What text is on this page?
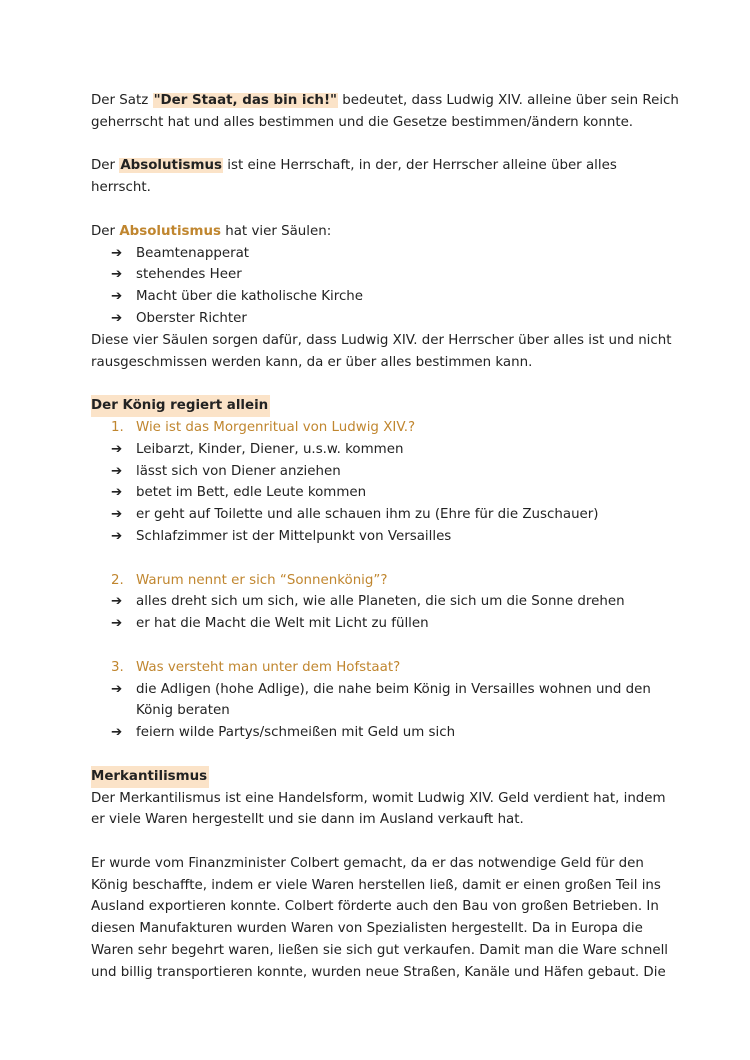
Der Satz "Der Staat, das bin ich!" bedeutet, dass Ludwig XIV. alleine über sein Reich geherrscht hat und alles bestimmen und die Gesetze bestimmen/ändern konnte.

Der Absolutismus ist eine Herrschaft, in der, der Herrscher alleine über alles herrscht.

Der Absolutismus hat vier Säulen:

➔ Beamtenapperat
➔ stehendes Heer
➔ Macht über die katholische Kirche
➔ Oberster Richter

Diese vier Säulen sorgen dafür, dass Ludwig XIV. der Herrscher über alles ist und nicht rausgeschmissen werden kann, da er über alles bestimmen kann.

Der König regiert allein

1. Wie ist das Morgenritual von Ludwig XIV.?

➔ Leibarzt, Kinder, Diener, u.s.w. kommen
➔ lässt sich von Diener anziehen
➔ betet im Bett, edle Leute kommen
➔ er geht auf Toilette und alle schauen ihm zu (Ehre für die Zuschauer)
➔ Schlafzimmer ist der Mittelpunkt von Versailles

2. Warum nennt er sich “Sonnenkönig”?

➔ alles dreht sich um sich, wie alle Planeten, die sich um die Sonne drehen
➔ er hat die Macht die Welt mit Licht zu füllen

3. Was versteht man unter dem Hofstaat?

➔ die Adligen (hohe Adlige), die nahe beim König in Versailles wohnen und den König beraten
➔ feiern wilde Partys/schmeißen mit Geld um sich

Merkantilismus

Der Merkantilismus ist eine Handelsform, womit Ludwig XIV. Geld verdient hat, indem er viele Waren hergestellt und sie dann im Ausland verkauft hat.

Er wurde vom Finanzminister Colbert gemacht, da er das notwendige Geld für den König beschaffte, indem er viele Waren herstellen ließ, damit er einen großen Teil ins Ausland exportieren konnte. Colbert förderte auch den Bau von großen Betrieben. In diesen Manufakturen wurden Waren von Spezialisten hergestellt. Da in Europa die Waren sehr begehrt waren, ließen sie sich gut verkaufen. Damit man die Ware schnell und billig transportieren konnte, wurden neue Straßen, Kanäle und Häfen gebaut. Die
